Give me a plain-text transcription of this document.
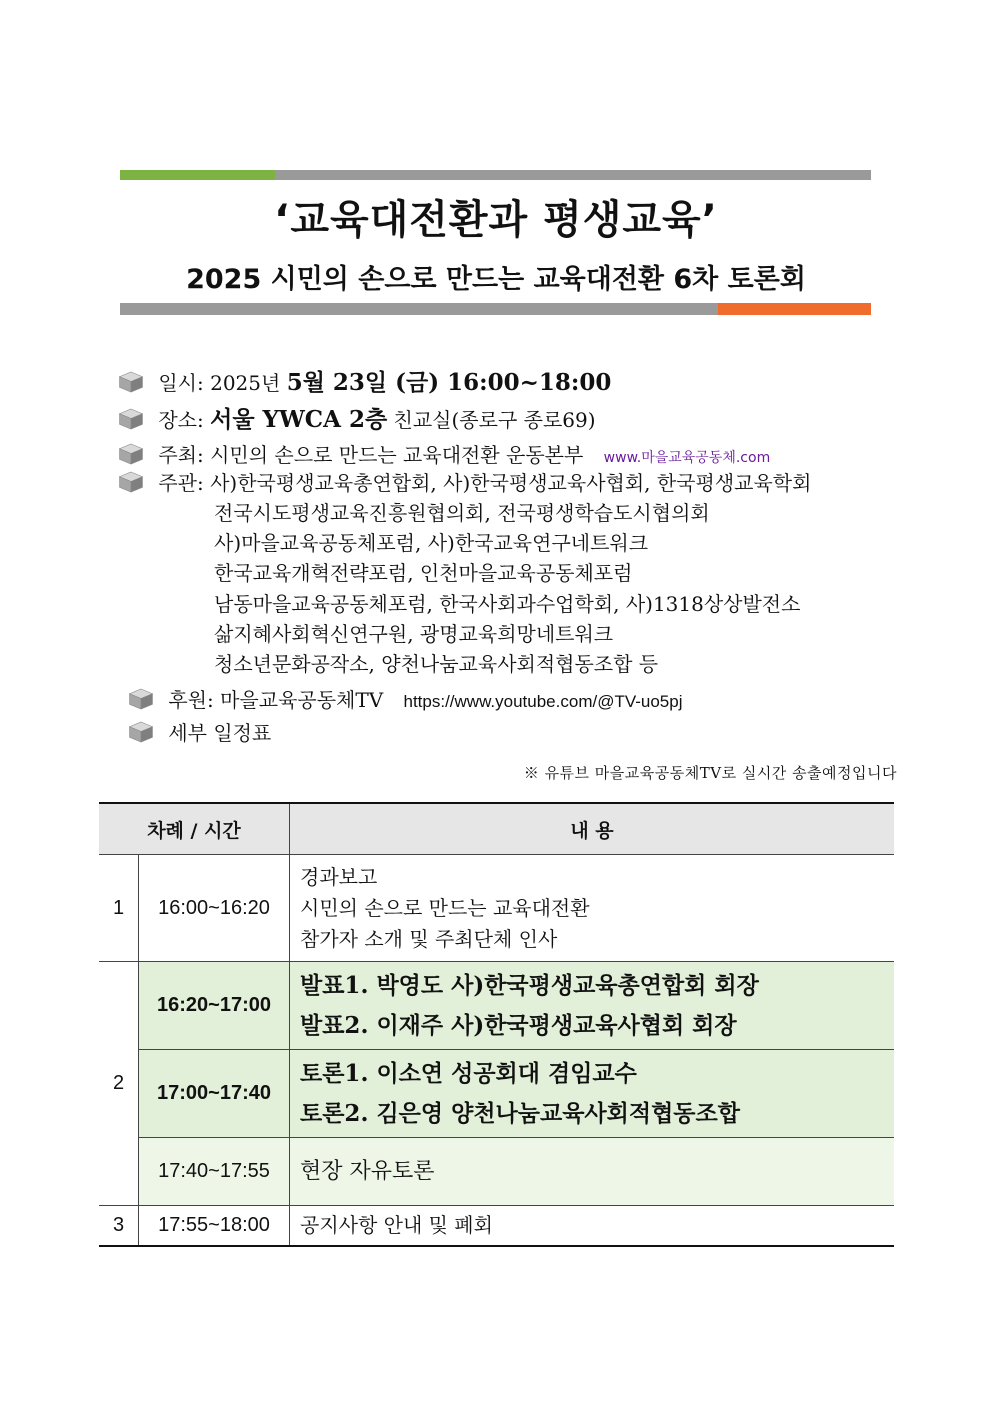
‘교육대전환과 평생교육’
2025 시민의 손으로 만드는 교육대전환 6차 토론회
일시: 2025년 5월 23일 (금) 16:00~18:00
장소: 서울 YWCA 2층 친교실(종로구 종로69)
주최: 시민의 손으로 만드는 교육대전환 운동본부 www.마을교육공동체.com
주관: 사)한국평생교육총연합회, 사)한국평생교육사협회, 한국평생교육학회
전국시도평생교육진흥원협의회, 전국평생학습도시협의회
사)마을교육공동체포럼, 사)한국교육연구네트워크
한국교육개혁전략포럼, 인천마을교육공동체포럼
남동마을교육공동체포럼, 한국사회과수업학회, 사)1318상상발전소
삶지혜사회혁신연구원, 광명교육희망네트워크
청소년문화공작소, 양천나눔교육사회적협동조합 등
후원: 마을교육공동체TV https://www.youtube.com/@TV-uo5pj
세부 일정표
※ 유튜브 마을교육공동체TV로 실시간 송출예정입니다
차례 / 시간		내 용
1	16:00~16:20	경과보고
시민의 손으로 만드는 교육대전환
참가자 소개 및 주최단체 인사

2	16:20~17:00	발표1. 박영도 사)한국평생교육총연합회 회장
발표2. 이재주 사)한국평생교육사협회 회장

	17:00~17:40	토론1. 이소연 성공회대 겸임교수
토론2. 김은영 양천나눔교육사회적협동조합

	17:40~17:55	현장 자유토론

3	17:55~18:00	공지사항 안내 및 폐회
